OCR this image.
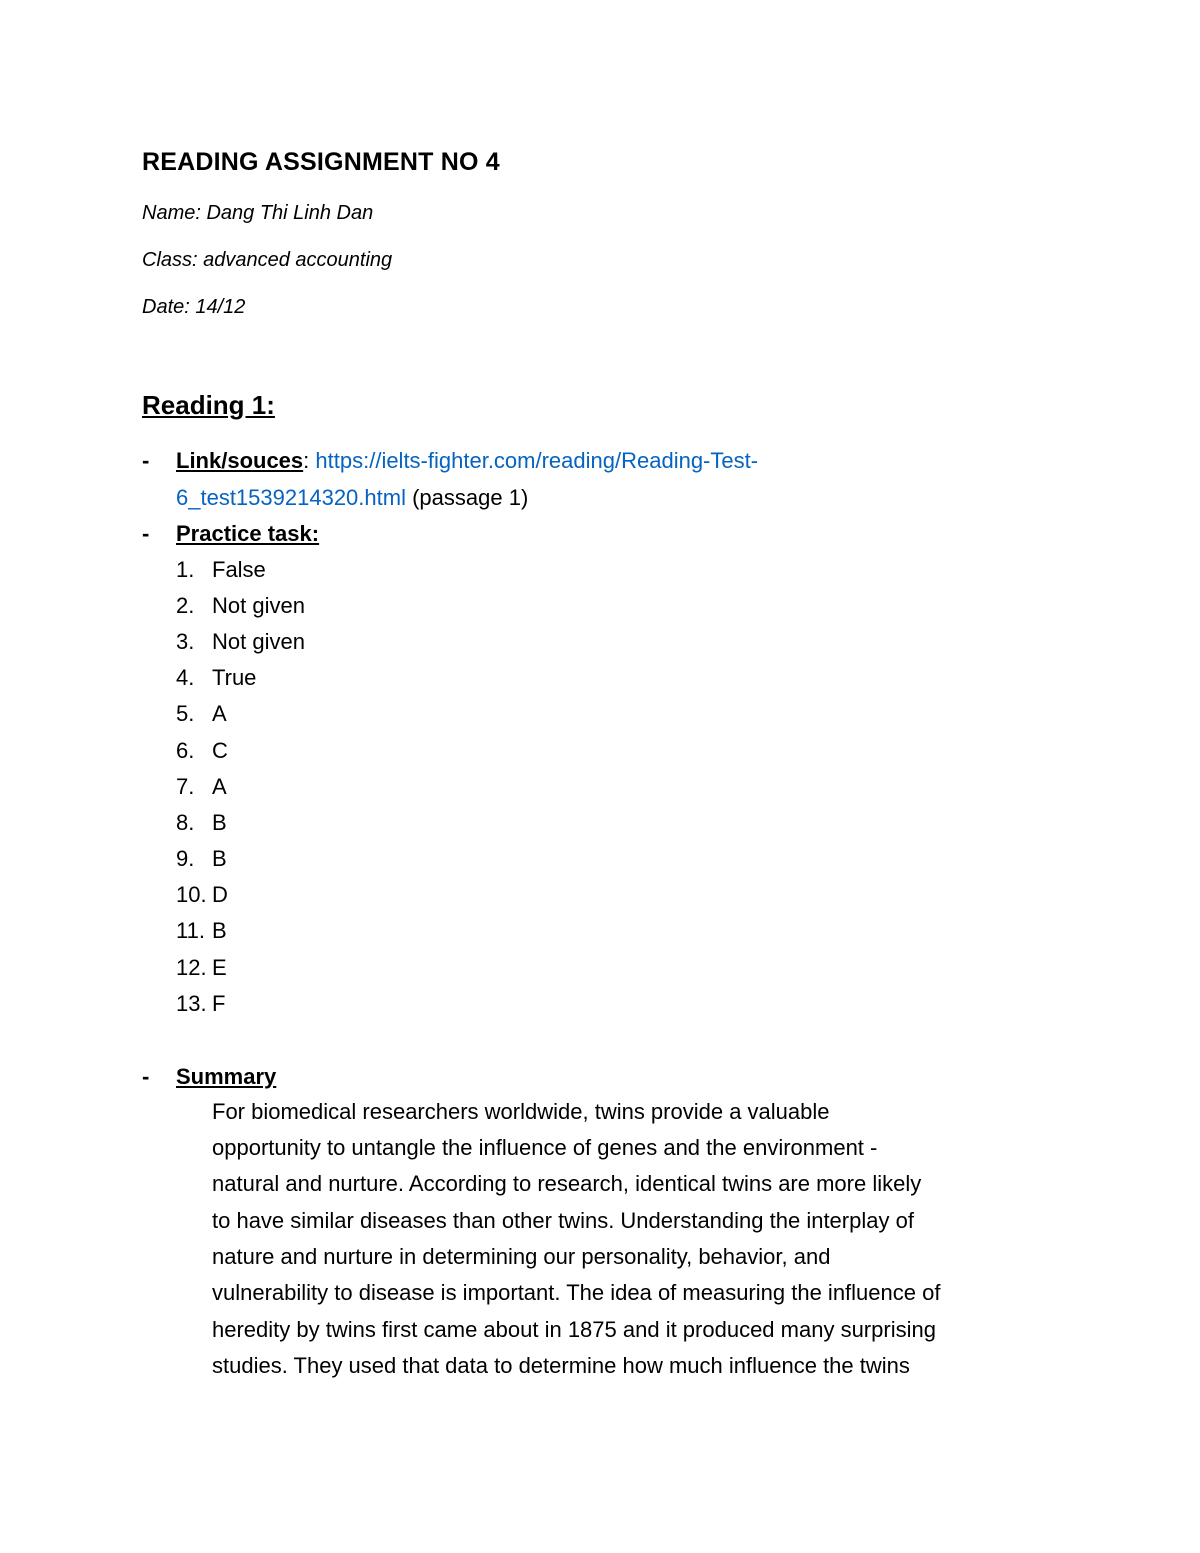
READING ASSIGNMENT NO 4
Name: Dang Thi Linh Dan
Class: advanced accounting
Date: 14/12
Reading 1:
- Link/souces: https://ielts-fighter.com/reading/Reading-Test-
6_test1539214320.html (passage 1)
- Practice task:
1. False
2. Not given
3. Not given
4. True
5. A
6. C
7. A
8. B
9. B
10. D
11. B
12. E
13. F
- Summary
For biomedical researchers worldwide, twins provide a valuable
opportunity to untangle the influence of genes and the environment -
natural and nurture. According to research, identical twins are more likely
to have similar diseases than other twins. Understanding the interplay of
nature and nurture in determining our personality, behavior, and
vulnerability to disease is important. The idea of measuring the influence of
heredity by twins first came about in 1875 and it produced many surprising
studies. They used that data to determine how much influence the twins
